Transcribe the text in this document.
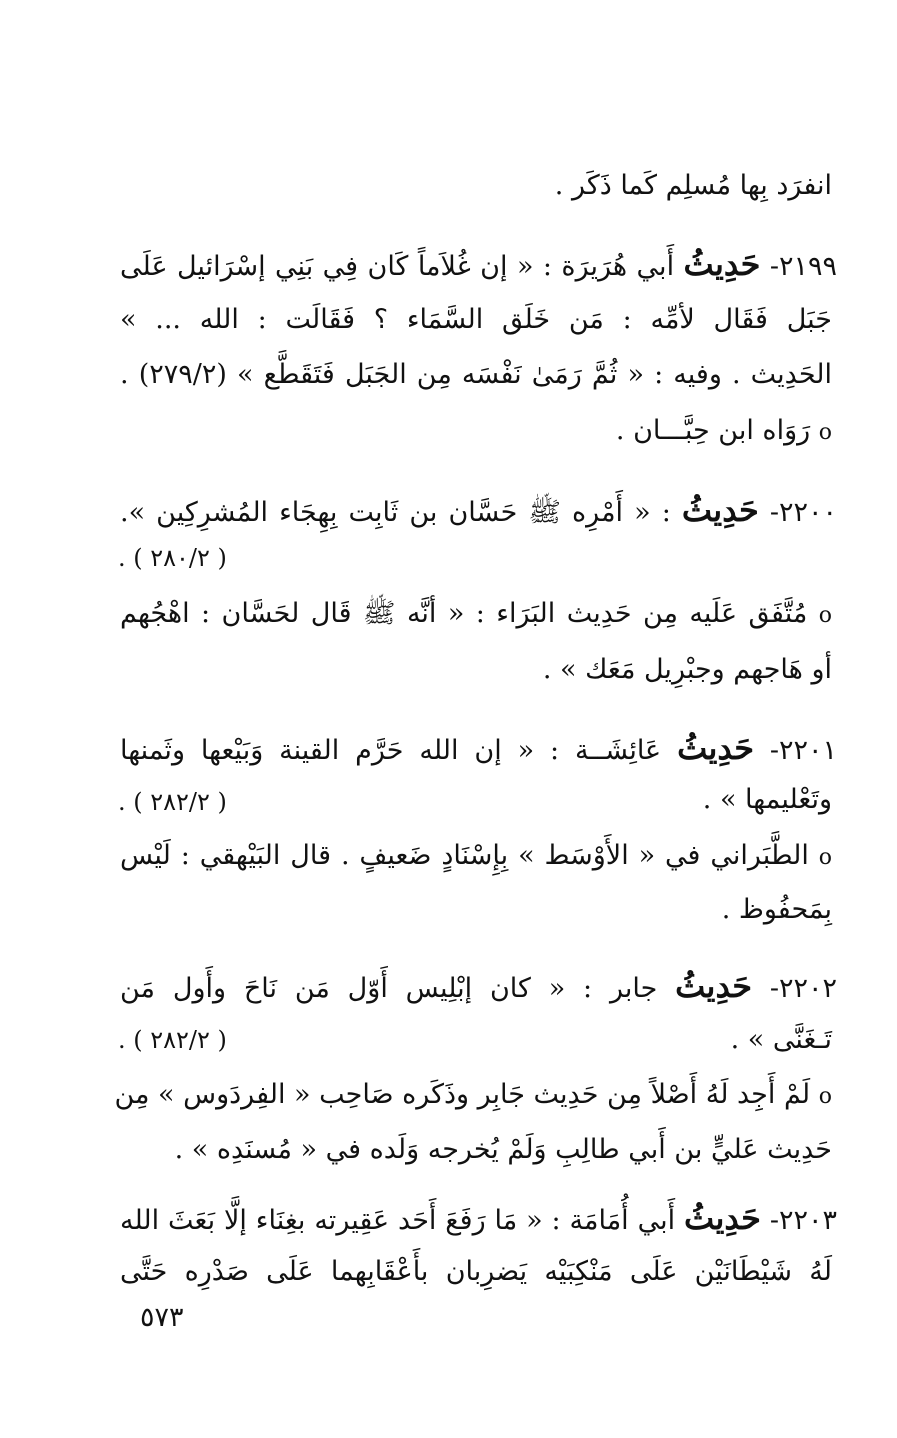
انفرَد بِها مُسلِم كَما ذَكَر .
٢١٩٩- حَدِيثُ أَبي هُرَيرَة : « إن غُلاَماً كَان فِي بَنِي إسْرَائيل عَلَى
جَبَل فَقَال لأمِّه : مَن خَلَق السَّمَاء ؟ فَقَالَت : الله ... »
الحَدِيث . وفيه : « ثُمَّ رَمَىٰ نَفْسَه مِن الجَبَل فَتَقَطَّع » (٢٧٩/٢) .
o رَوَاه ابن حِبَّـــان .
٢٢٠٠- حَدِيثُ : « أَمْرِه ﷺ حَسَّان بن ثَابِت بِهِجَاء المُشرِكِين ».
( ٢٨٠/٢ ) .
o مُتَّفَق عَلَيه مِن حَدِيث البَرَاء : « أنَّه ﷺ قَال لحَسَّان : اهْجُهم
أو هَاجهم وجبْرِيل مَعَك » .
٢٢٠١- حَدِيثُ عَائِشَــة : « إن الله حَرَّم القينة وَبَيْعها وثَمنها
وتَعْليمها » .
( ٢٨٢/٢ ) .
o الطَّبَراني في « الأَوْسَط » بِإِسْنَادٍ ضَعيفٍ . قال البَيْهقي : لَيْس
بِمَحفُوظ .
٢٢٠٢- حَدِيثُ جابر : « كان إبْلِيس أَوّل مَن نَاحَ وأَول مَن
تَـغَنَّى » .
( ٢٨٢/٢ ) .
o لَمْ أَجِد لَهُ أَصْلاً مِن حَدِيث جَابِر وذَكَره صَاحِب « الفِردَوس » مِن
حَدِيث عَليٍّ بن أَبي طالِبِ وَلَمْ يُخرجه وَلَده في « مُسنَدِه » .
٢٢٠٣- حَدِيثُ أَبي أُمَامَة : « مَا رَفَعَ أَحَد عَقِيرته بغِنَاء إلَّا بَعَثَ الله
لَهُ شَيْطَانَيْن عَلَى مَنْكِبَيْه يَضرِبان بأَعْقَابِهما عَلَى صَدْرِه حَتَّى
٥٧٣
